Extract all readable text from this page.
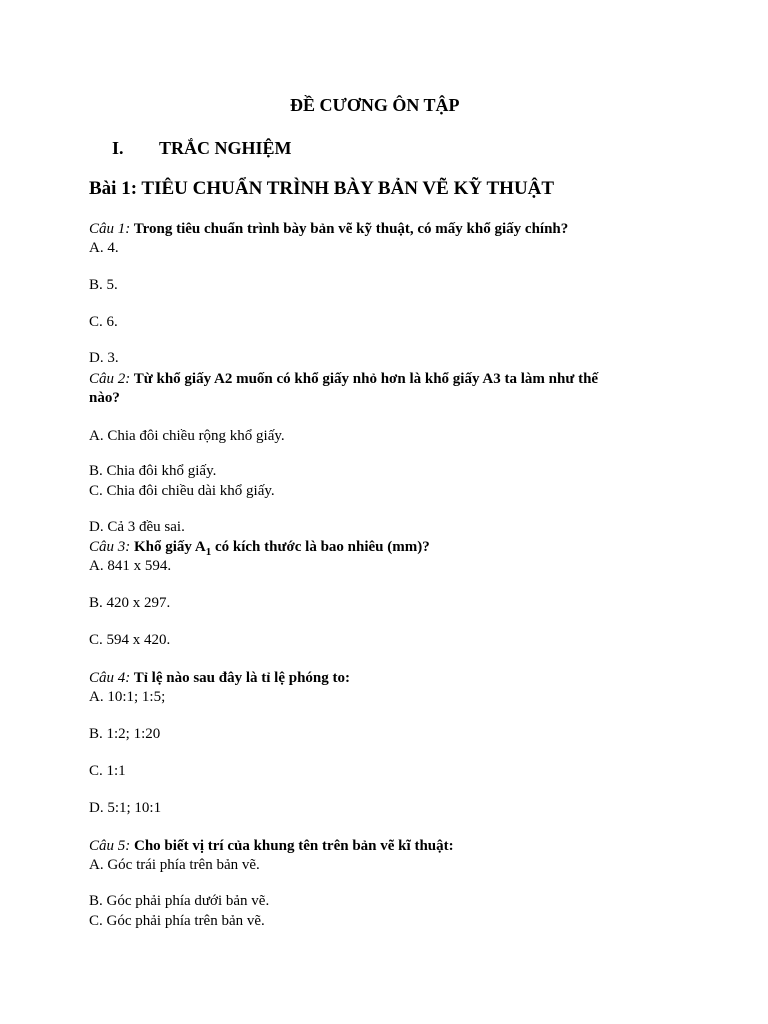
ĐỀ CƯƠNG ÔN TẬP
I. TRẮC NGHIỆM
Bài 1: TIÊU CHUẨN TRÌNH BÀY BẢN VẼ KỸ THUẬT
Câu 1: Trong tiêu chuẩn trình bày bản vẽ kỹ thuật, có mấy khổ giấy chính?
A. 4.
B. 5.
C. 6.
D. 3.
Câu 2: Từ khổ giấy A2 muốn có khổ giấy nhỏ hơn là khổ giấy A3 ta làm như thế
nào?
A. Chia đôi chiều rộng khổ giấy.
B. Chia đôi khổ giấy.
C. Chia đôi chiều dài khổ giấy.
D. Cả 3 đều sai.
Câu 3: Khổ giấy $A_1$ có kích thước là bao nhiêu (mm)?
A. 841 x 594.
B. 420 x 297.
C. 594 x 420.
Câu 4: Tỉ lệ nào sau đây là tỉ lệ phóng to:
A. 10:1; 1:5;
B. 1:2; 1:20
C. 1:1
D. 5:1; 10:1
Câu 5: Cho biết vị trí của khung tên trên bản vẽ kĩ thuật:
A. Góc trái phía trên bản vẽ.
B. Góc phải phía dưới bản vẽ.
C. Góc phải phía trên bản vẽ.
